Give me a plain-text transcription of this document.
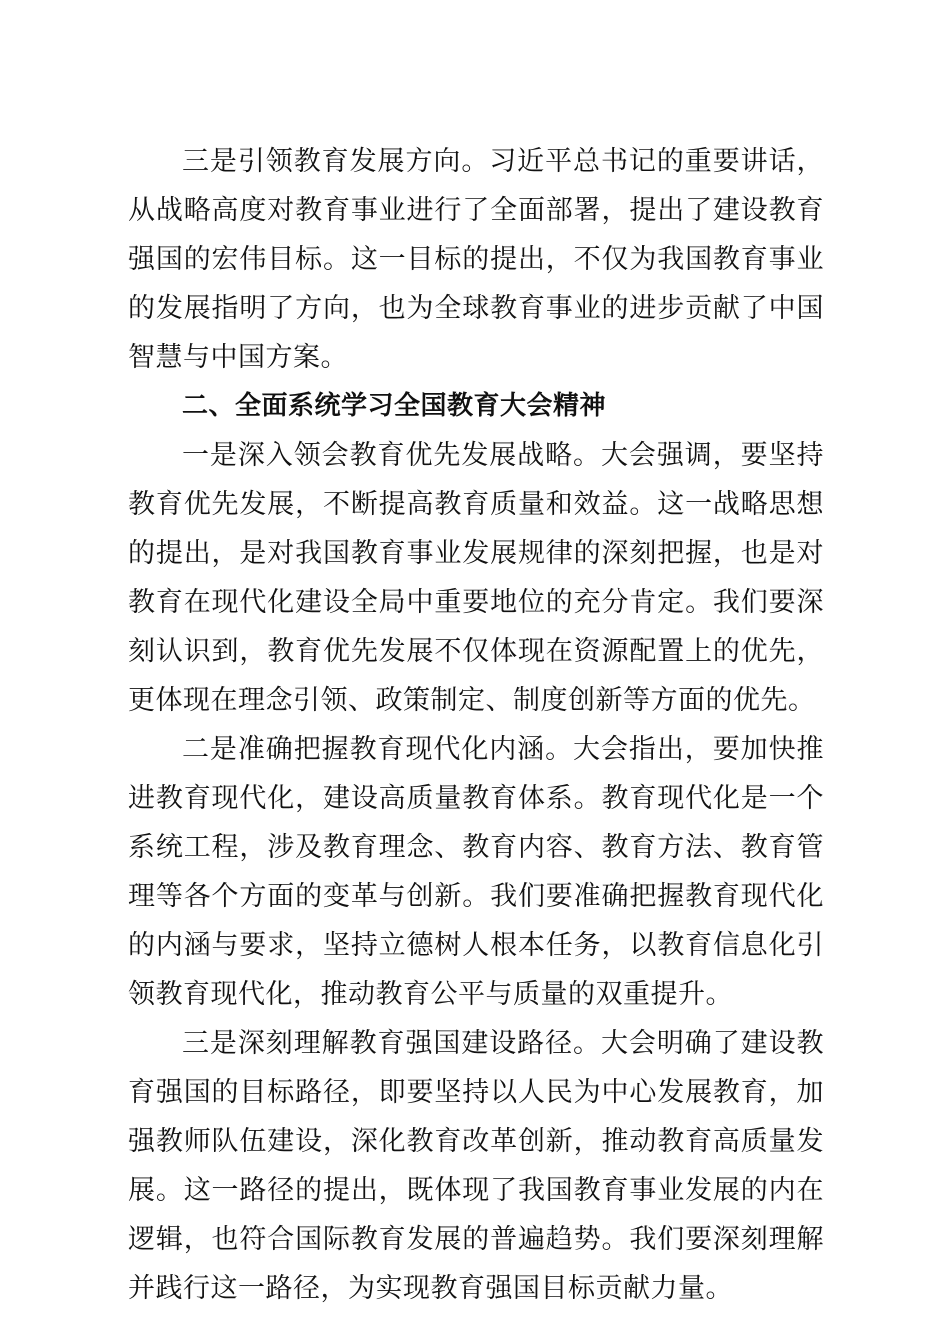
三是引领教育发展方向。习近平总书记的重要讲话，从战略高度对教育事业进行了全面部署，提出了建设教育强国的宏伟目标。这一目标的提出，不仅为我国教育事业的发展指明了方向，也为全球教育事业的进步贡献了中国智慧与中国方案。

二、全面系统学习全国教育大会精神

一是深入领会教育优先发展战略。大会强调，要坚持教育优先发展，不断提高教育质量和效益。这一战略思想的提出，是对我国教育事业发展规律的深刻把握，也是对教育在现代化建设全局中重要地位的充分肯定。我们要深刻认识到，教育优先发展不仅体现在资源配置上的优先，更体现在理念引领、政策制定、制度创新等方面的优先。

二是准确把握教育现代化内涵。大会指出，要加快推进教育现代化，建设高质量教育体系。教育现代化是一个系统工程，涉及教育理念、教育内容、教育方法、教育管理等各个方面的变革与创新。我们要准确把握教育现代化的内涵与要求，坚持立德树人根本任务，以教育信息化引领教育现代化，推动教育公平与质量的双重提升。

三是深刻理解教育强国建设路径。大会明确了建设教育强国的目标路径，即要坚持以人民为中心发展教育，加强教师队伍建设，深化教育改革创新，推动教育高质量发展。这一路径的提出，既体现了我国教育事业发展的内在逻辑，也符合国际教育发展的普遍趋势。我们要深刻理解并践行这一路径，为实现教育强国目标贡献力量。
